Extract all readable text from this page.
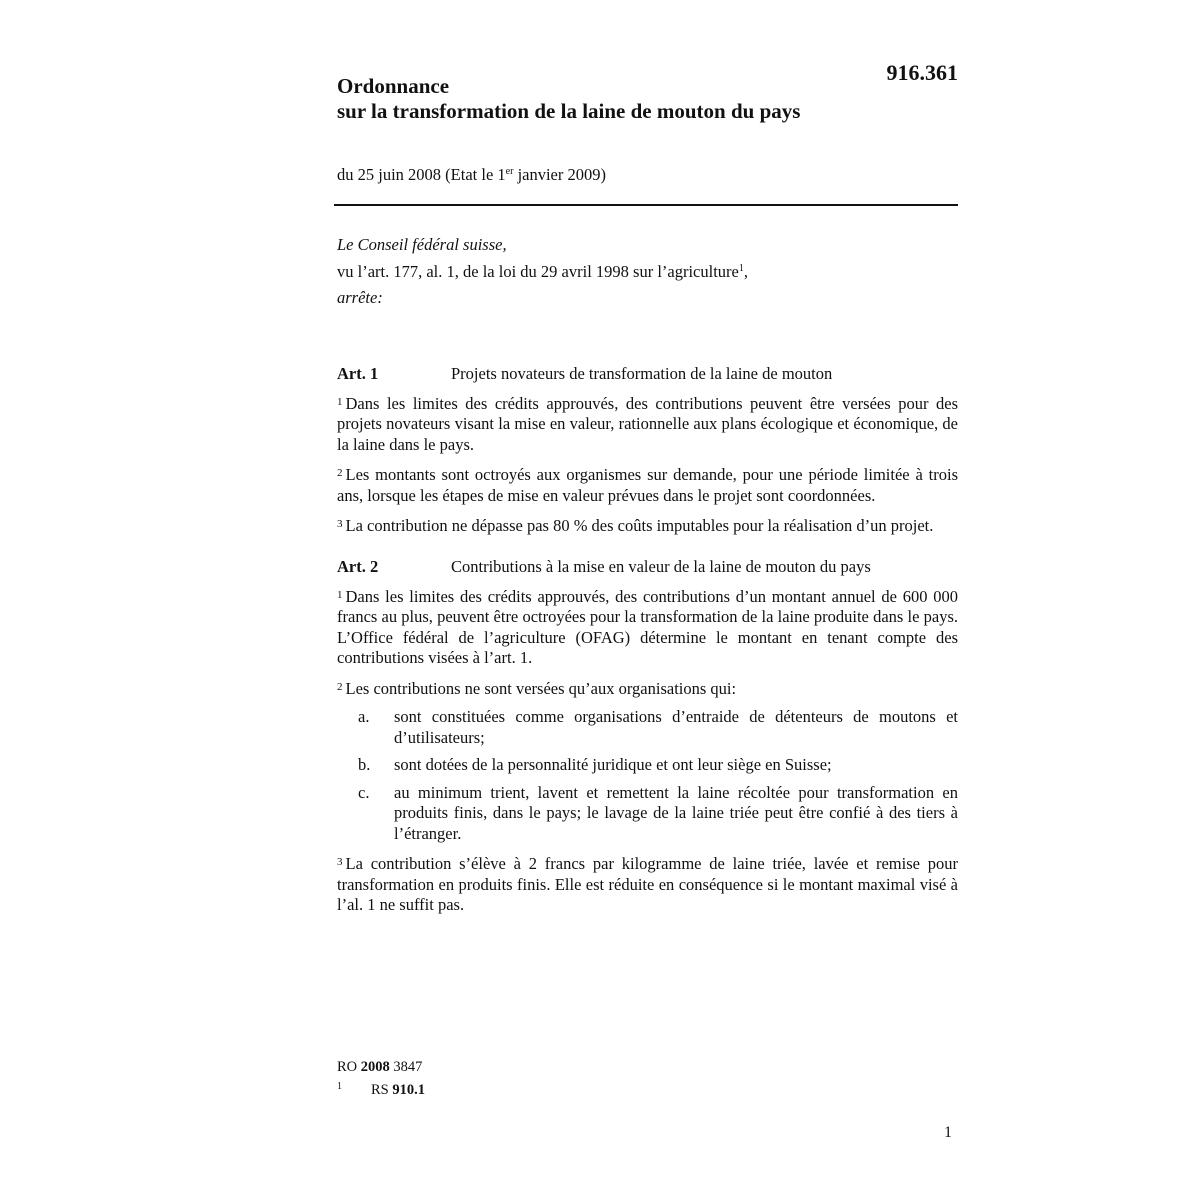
916.361
Ordonnance
sur la transformation de la laine de mouton du pays
du 25 juin 2008 (Etat le 1er janvier 2009)
Le Conseil fédéral suisse,
vu l’art. 177, al. 1, de la loi du 29 avril 1998 sur l’agriculture$^1$,
arrête:
Art. 1	Projets novateurs de transformation de la laine de mouton
$^1$ Dans les limites des crédits approuvés, des contributions peuvent être versées pour des projets novateurs visant la mise en valeur, rationnelle aux plans écologique et économique, de la laine dans le pays.
$^2$ Les montants sont octroyés aux organismes sur demande, pour une période limitée à trois ans, lorsque les étapes de mise en valeur prévues dans le projet sont coordonnées.
$^3$ La contribution ne dépasse pas 80 % des coûts imputables pour la réalisation d’un projet.
Art. 2	Contributions à la mise en valeur de la laine de mouton du pays
$^1$ Dans les limites des crédits approuvés, des contributions d’un montant annuel de 600 000 francs au plus, peuvent être octroyées pour la transformation de la laine produite dans le pays. L’Office fédéral de l’agriculture (OFAG) détermine le montant en tenant compte des contributions visées à l’art. 1.
$^2$ Les contributions ne sont versées qu’aux organisations qui:
a.	sont constituées comme organisations d’entraide de détenteurs de moutons et d’utilisateurs;
b.	sont dotées de la personnalité juridique et ont leur siège en Suisse;
c.	au minimum trient, lavent et remettent la laine récoltée pour transformation en produits finis, dans le pays; le lavage de la laine triée peut être confié à des tiers à l’étranger.
$^3$ La contribution s’élève à 2 francs par kilogramme de laine triée, lavée et remise pour transformation en produits finis. Elle est réduite en conséquence si le montant maximal visé à l’al. 1 ne suffit pas.
RO 2008 3847
1 RS 910.1
1
